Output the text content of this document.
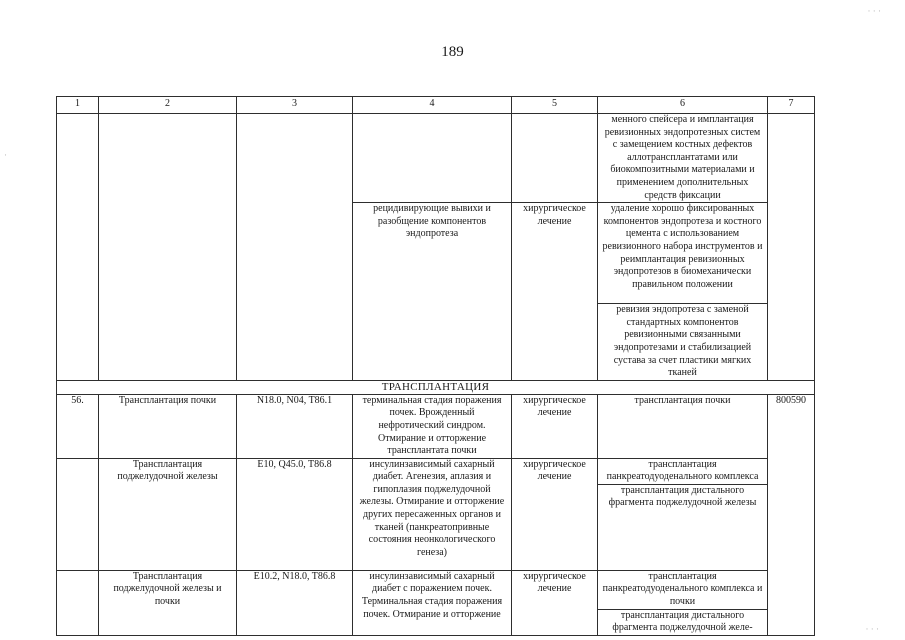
189
· · ·
·
· · ·
1	2	3	4	5	6	7
					менного спейсера и имплантация ревизионных эндопротезных систем с замещением костных дефектов аллотрансплантатами или биокомпозитными материалами и применением дополнительных средств фиксации	
			рецидивирующие вывихи и разобщение компонентов эндопротеза	хирургическое лечение	удаление хорошо фиксированных компонентов эндопротеза и костного цемента с использованием ревизионного набора инструментов и реимплантация ревизионных эндопротезов в биомеханически правильном положении	
					ревизия эндопротеза с заменой стандартных компонентов ревизионными связанными эндопротезами и стабилизацией сустава за счет пластики мягких тканей	
ТРАНСПЛАНТАЦИЯ						
56.	Трансплантация почки	N18.0, N04, T86.1	терминальная стадия поражения почек. Врожденный нефротический синдром. Отмирание и отторжение трансплантата почки	хирургическое лечение	трансплантация почки	800590
	Трансплантация поджелудочной железы	E10, Q45.0, T86.8	инсулинзависимый сахарный диабет. Агенезия, аплазия и гипоплазия поджелудочной железы. Отмирание и отторжение других пересаженных органов и тканей (панкреатопривные состояния неонкологического генеза)	хирургическое лечение	трансплантация панкреатодуоденального комплекса	
					трансплантация дистального фрагмента поджелудочной железы	
	Трансплантация поджелудочной железы и почки	E10.2, N18.0, T86.8	инсулинзависимый сахарный диабет с поражением почек. Терминальная стадия поражения почек. Отмирание и отторжение	хирургическое лечение	трансплантация панкреатодуоденального комплекса и почки	
					трансплантация дистального фрагмента поджелудочной желе-	
